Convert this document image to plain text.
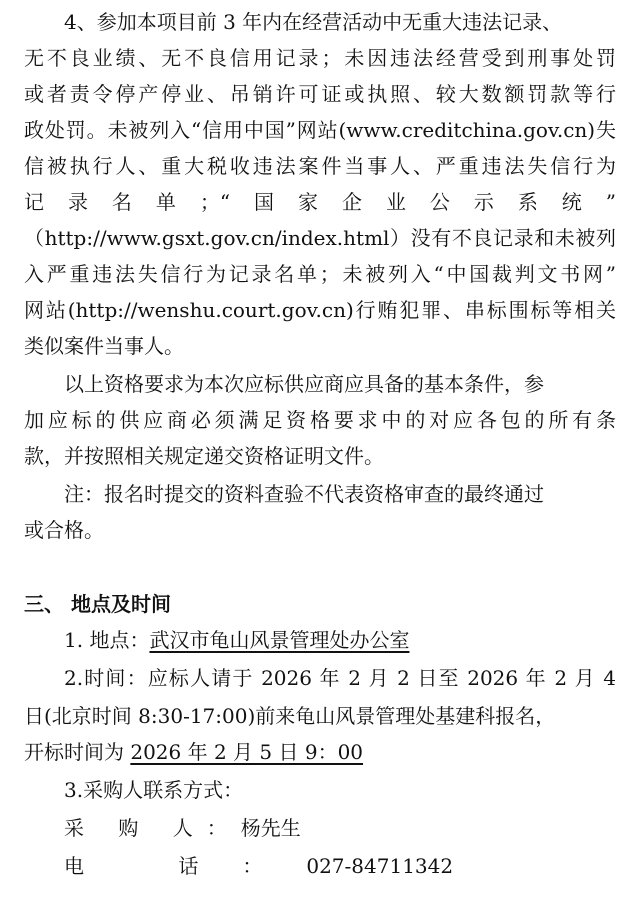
4、参加本项目前 3 年内在经营活动中无重大违法记录、
无不良业绩、无不良信用记录；未因违法经营受到刑事处罚
或者责令停产停业、吊销许可证或执照、较大数额罚款等行
政处罚。未被列入“信用中国”网站(www.creditchina.gov.cn)失
信被执行人、重大税收违法案件当事人、严重违法失信行为
记录名单；“国家企业公示系统”
（http://www.gsxt.gov.cn/index.html）没有不良记录和未被列
入严重违法失信行为记录名单；未被列入“中国裁判文书网”
网站(http://wenshu.court.gov.cn)行贿犯罪、串标围标等相关
类似案件当事人。
以上资格要求为本次应标供应商应具备的基本条件，参
加应标的供应商必须满足资格要求中的对应各包的所有条
款，并按照相关规定递交资格证明文件。
注：报名时提交的资料查验不代表资格审查的最终通过
或合格。
三、 地点及时间
1. 地点：武汉市龟山风景管理处办公室
2.时间：应标人请于 2026 年 2 月 2 日至 2026 年 2 月 4
日(北京时间 8:30-17:00)前来龟山风景管理处基建科报名，
开标时间为 2026 年 2 月 5 日 9：00
3.采购人联系方式：
采 购 人：杨先生
电 话：027-84711342
